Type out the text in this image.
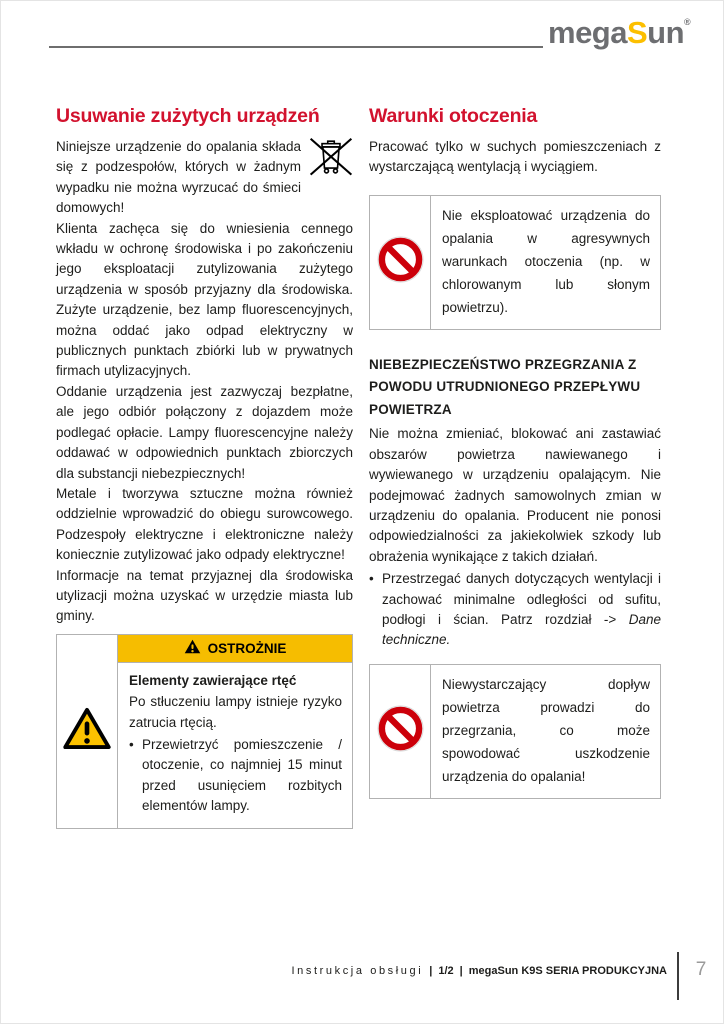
megaSun®
Usuwanie zużytych urządzeń

Niniejsze urządzenie do opalania składa się z podzespołów, których w żadnym wypadku nie można wyrzucać do śmieci domowych!

Klienta zachęca się do wniesienia cennego wkładu w ochronę środowiska i po zakończeniu jego eksploatacji zutylizowania zużytego urządzenia w sposób przyjazny dla środowiska. Zużyte urządzenie, bez lamp fluorescencyjnych, można oddać jako odpad elektryczny w publicznych punktach zbiórki lub w prywatnych firmach utylizacyjnych.

Oddanie urządzenia jest zazwyczaj bezpłatne, ale jego odbiór połączony z dojazdem może podlegać opłacie. Lampy fluorescencyjne należy oddawać w odpowiednich punktach zbiorczych dla substancji niebezpiecznych!

Metale i tworzywa sztuczne można również oddzielnie wprowadzić do obiegu surowcowego. Podzespoły elektryczne i elektroniczne należy koniecznie zutylizować jako odpady elektryczne!

Informacje na temat przyjaznej dla środowiska utylizacji można uzyskać w urzędzie miasta lub gminy.

OSTROŻNIE

Elementy zawierające rtęć

Po stłuczeniu lampy istnieje ryzyko zatrucia rtęcią.

• Przewietrzyć pomieszczenie / otoczenie, co najmniej 15 minut przed usunięciem rozbitych elementów lampy.
Warunki otoczenia

Pracować tylko w suchych pomieszczeniach z wystarczającą wentylacją i wyciągiem.

Nie eksploatować urządzenia do opalania w agresywnych warunkach otoczenia (np. w chlorowanym lub słonym powietrzu).
NIEBEZPIECZEŃSTWO PRZEGRZANIA Z POWODU UTRUDNIONEGO PRZEPŁYWU POWIETRZA

Nie można zmieniać, blokować ani zastawiać obszarów powietrza nawiewanego i wywiewanego w urządzeniu opalającym. Nie podejmować żadnych samowolnych zmian w urządzeniu do opalania. Producent nie ponosi odpowiedzialności za jakiekolwiek szkody lub obrażenia wynikające z takich działań.

• Przestrzegać danych dotyczących wentylacji i zachować minimalne odległości od sufitu, podłogi i ścian. Patrz rozdział -> Dane techniczne.
Niewystarczający dopływ powietrza prowadzi do przegrzania, co może spowodować uszkodzenie urządzenia do opalania!
Instrukcja obsługi | 1/2 | megaSun K9S SERIA PRODUKCYJNA	7
